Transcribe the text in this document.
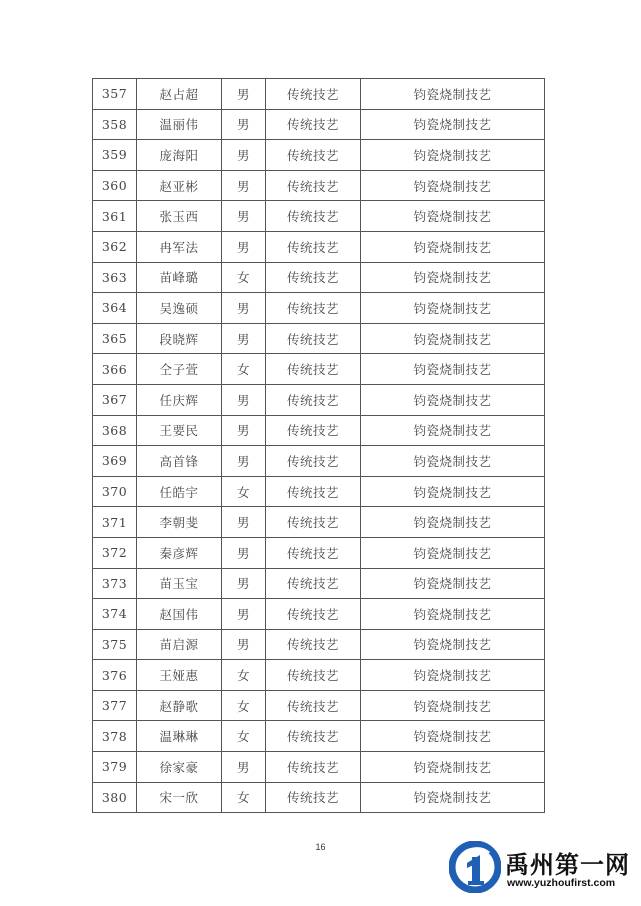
357	赵占超	男	传统技艺	钧瓷烧制技艺
358	温丽伟	男	传统技艺	钧瓷烧制技艺
359	庞海阳	男	传统技艺	钧瓷烧制技艺
360	赵亚彬	男	传统技艺	钧瓷烧制技艺
361	张玉西	男	传统技艺	钧瓷烧制技艺
362	冉军法	男	传统技艺	钧瓷烧制技艺
363	苗峰璐	女	传统技艺	钧瓷烧制技艺
364	吴逸硕	男	传统技艺	钧瓷烧制技艺
365	段晓辉	男	传统技艺	钧瓷烧制技艺
366	仝子萱	女	传统技艺	钧瓷烧制技艺
367	任庆辉	男	传统技艺	钧瓷烧制技艺
368	王要民	男	传统技艺	钧瓷烧制技艺
369	高首锋	男	传统技艺	钧瓷烧制技艺
370	任皓宇	女	传统技艺	钧瓷烧制技艺
371	李朝斐	男	传统技艺	钧瓷烧制技艺
372	秦彦辉	男	传统技艺	钧瓷烧制技艺
373	苗玉宝	男	传统技艺	钧瓷烧制技艺
374	赵国伟	男	传统技艺	钧瓷烧制技艺
375	苗启源	男	传统技艺	钧瓷烧制技艺
376	王娅惠	女	传统技艺	钧瓷烧制技艺
377	赵静歌	女	传统技艺	钧瓷烧制技艺
378	温琳琳	女	传统技艺	钧瓷烧制技艺
379	徐家豪	男	传统技艺	钧瓷烧制技艺
380	宋一欣	女	传统技艺	钧瓷烧制技艺
16
禹州第一网
www.yuzhoufirst.com
